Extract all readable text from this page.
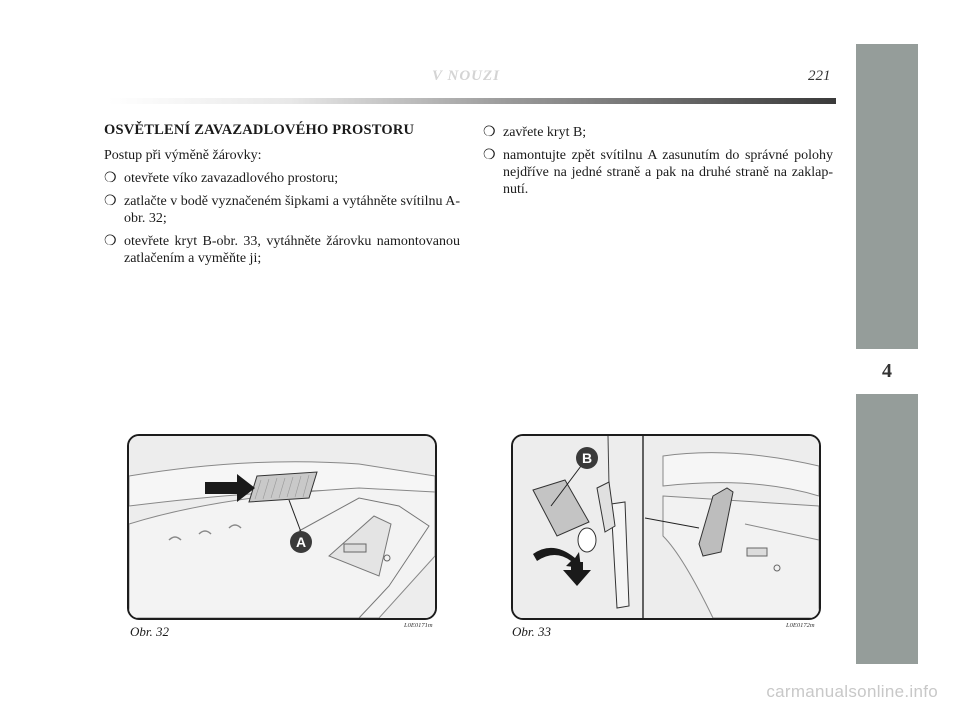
V NOUZI	221
4
OSVĚTLENÍ ZAVAZADLOVÉHO PROSTORU

Postup při výměně žárovky:

❍ otevřete víko zavazadlového prostoru;
❍ zatlačte v bodě vyznačeném šipkami a vytáhněte svítilnu A-obr. 32;
❍ otevřete kryt B-obr. 33, vytáhněte žárovku namontovanou zatlačením a vyměňte ji;
❍ zavřete kryt B;
❍ namontujte zpět svítilnu A zasunutím do správné polohy nejdříve na jedné straně a pak na druhé straně na zaklap-nutí.
A
Obr. 32	L0E0171m
B
Obr. 33	L0E0172m
carmanualsonline.info
